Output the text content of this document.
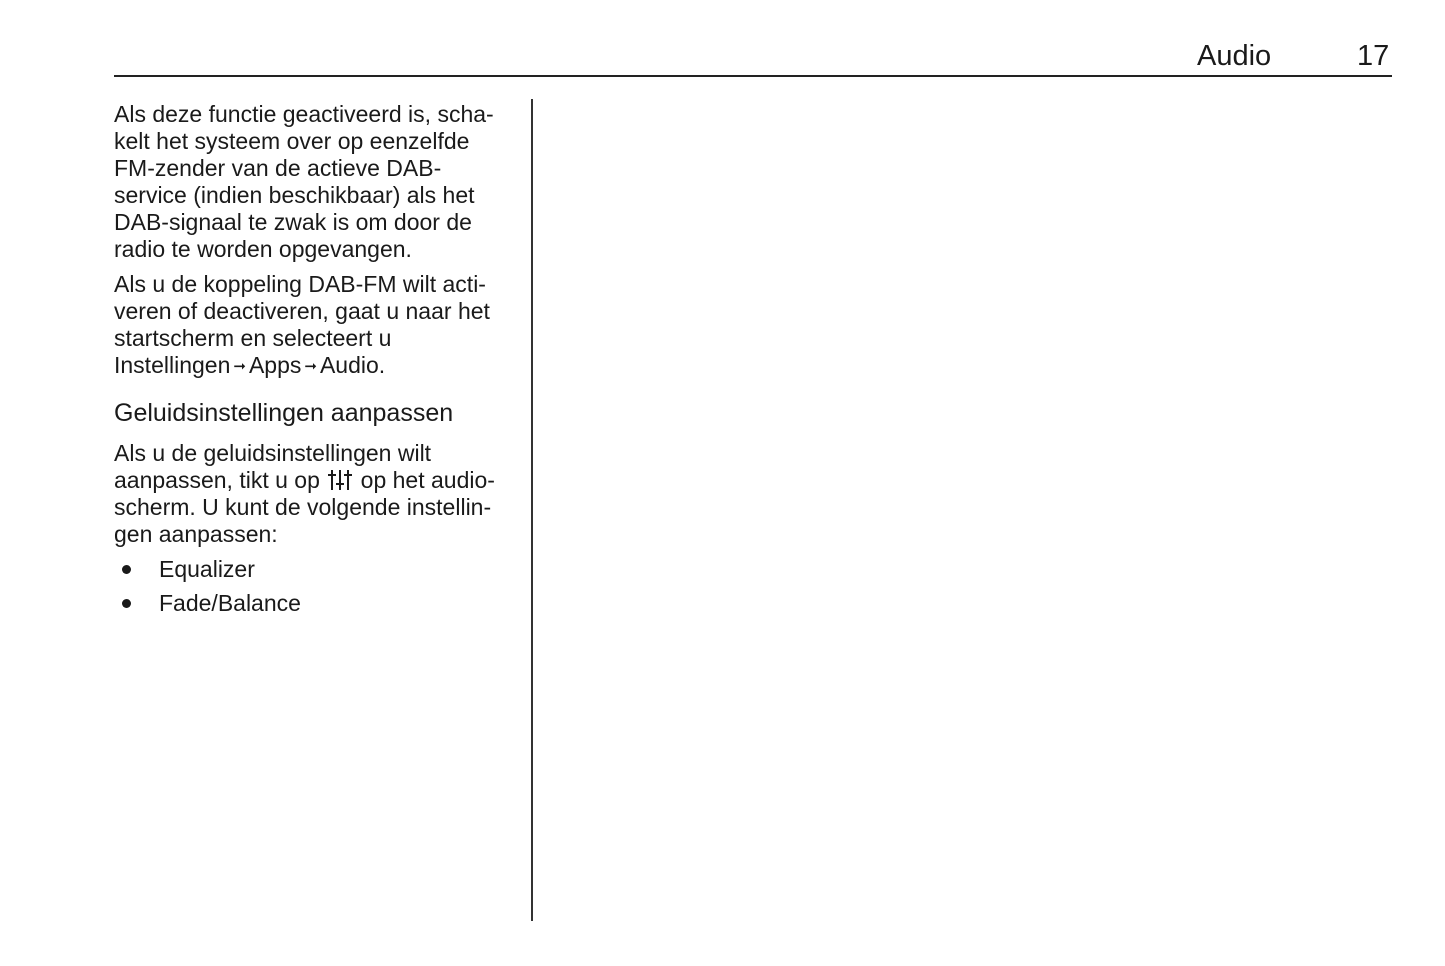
Audio	17

Als deze functie geactiveerd is, scha-
kelt het systeem over op eenzelfde
FM-zender van de actieve DAB-
service (indien beschikbaar) als het
DAB-signaal te zwak is om door de
radio te worden opgevangen.

Als u de koppeling DAB-FM wilt acti-
veren of deactiveren, gaat u naar het
startscherm en selecteert u
Instellingen ➞ Apps ➞ Audio.

Geluidsinstellingen aanpassen

Als u de geluidsinstellingen wilt
aanpassen, tikt u op op het audio-
scherm. U kunt de volgende instellin-
gen aanpassen:

Equalizer
Fade/Balance
